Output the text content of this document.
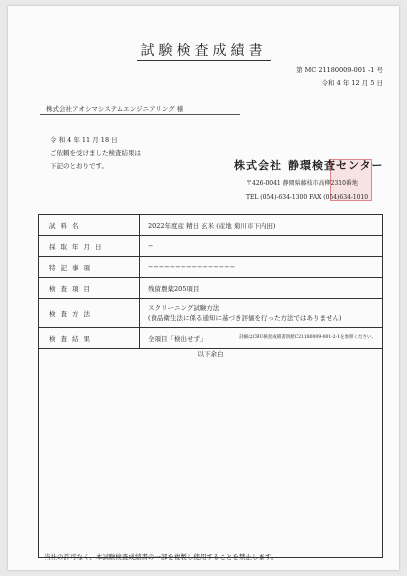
試験検査成績書
第 MC 21180009-001 -1 号
令和 4 年 12 月 5 日
株式会社アオシマシステムエンジニアリング 様
令 和 4 年 11 月 18 日
ご依頼を受けました検査結果は
下記のとおりです。	株式会社 静環検査センター
〒426-0041 静岡県藤枝市高柳2310番地
TEL (054)-634-1300 FAX (054)634-1010
試料名	2022年度産 精日 玄米 (産地 菊川市下内田)
採取年月日	−
特記事項	−−−−−−−−−−−−−−−−
検査項目	残留農薬205項目
検査方法	スクリーニング試験方法
(食品衛生法に係る通知に基づき評価を行った方法ではありません)

検査結果	全項目「検出せず」 詳細はCRU検査成績書別紙C21180009-001-2-1を参照ください。

以下余白	
当社の許可なく、本試験検査成績書の一部を複製し使用することを禁止します。
